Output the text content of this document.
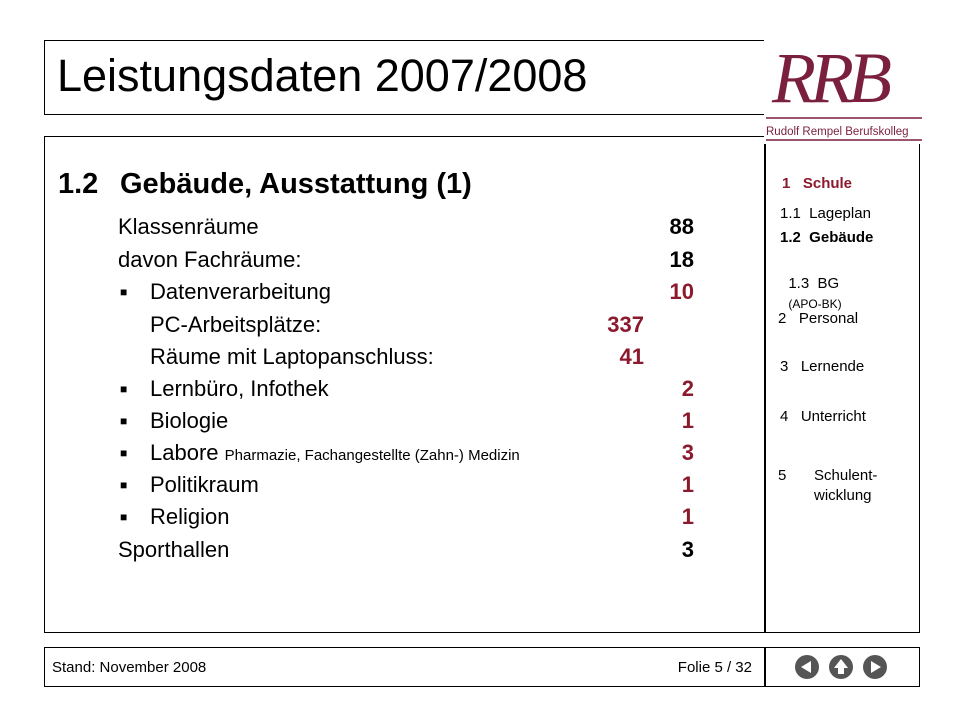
Leistungsdaten 2007/2008	RRB
Rudolf Rempel Berufskolleg
1.2 Gebäude, Ausstattung (1)
Klassenräume	88
davon Fachräume:	18
■ Datenverarbeitung	10
PC-Arbeitsplätze:	337
Räume mit Laptopanschluss:	41
■ Lernbüro, Infothek	2
■ Biologie	1
■ Labore Pharmazie, Fachangestellte (Zahn-) Medizin	3
■ Politikraum	1
■ Religion	1
Sporthallen	3
1   Schule
1.1  Lageplan
1.2  Gebäude

1.3  BG
(APO-BK)

2   Personal
3   Lernende
4   Unterricht
5 Schulent-
wicklung
Stand: November 2008	Folie 5 / 32
